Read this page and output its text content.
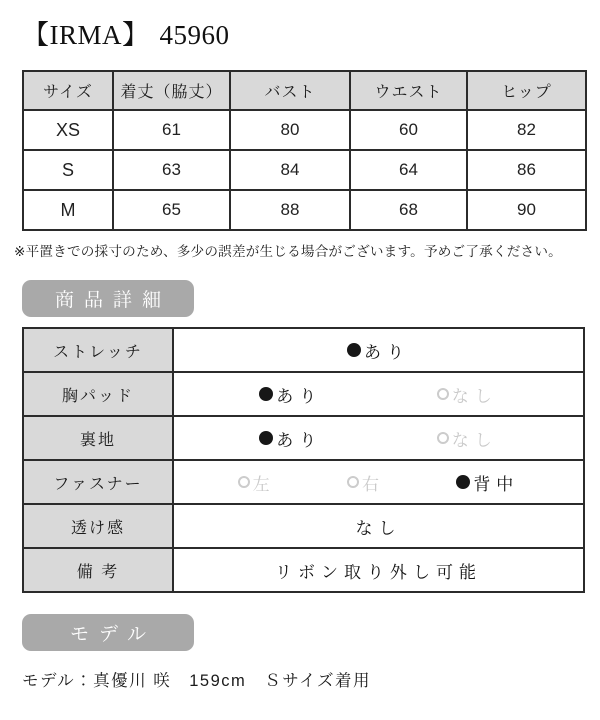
【IRMA】 45960
サイズ	着丈（脇丈）	バスト	ウエスト	ヒップ
XS	61	80	60	82
S	63	84	64	86
M	65	88	68	90

※平置きでの採寸のため、多少の誤差が生じる場合がございます。予めご了承ください。

商品詳細
ストレッチ	あり

胸パッド	あり なし

裏地	あり なし

ファスナー	左 右 背中

透け感	なし

備 考	リボン取り外し可能
モデル

モデル：真優川 咲　159cm　Ｓサイズ着用
